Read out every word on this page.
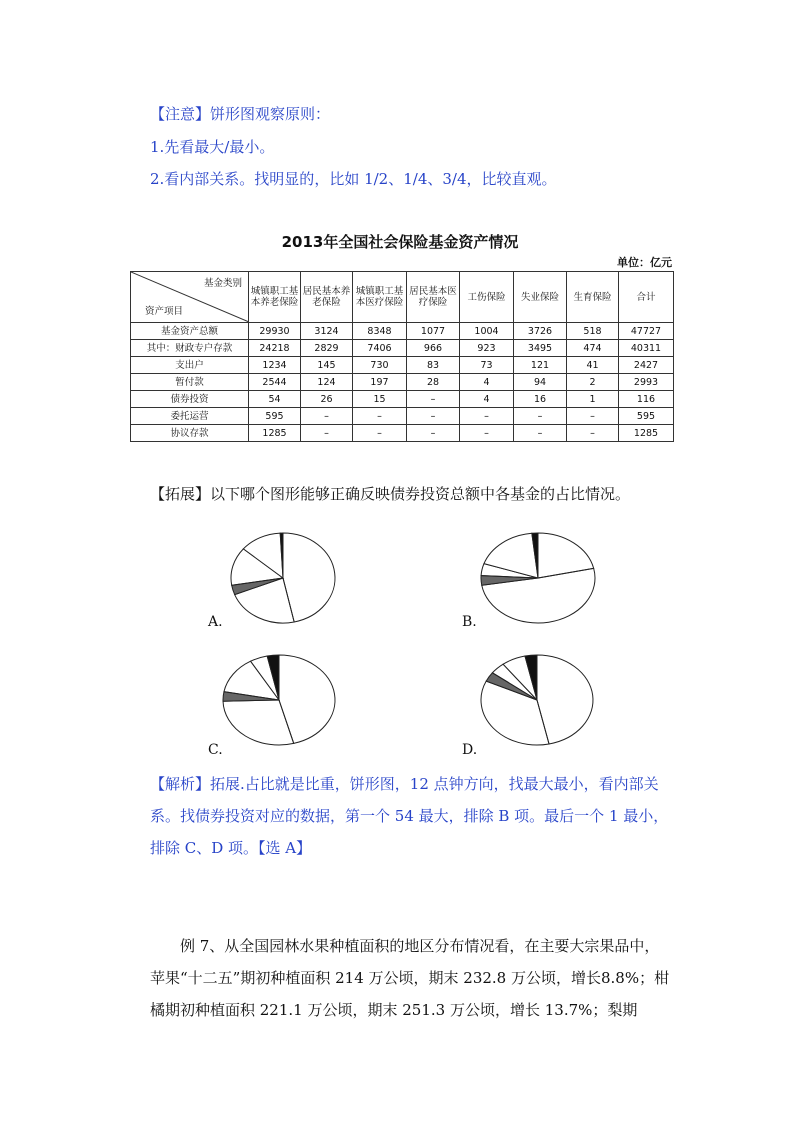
【注意】饼形图观察原则：
1.先看最大/最小。
2.看内部关系。找明显的，比如 1/2、1/4、3/4，比较直观。
2013年全国社会保险基金资产情况
单位：亿元
基金类别
资产项目	城镇职工基本养老保险	居民基本养老保险	城镇职工基本医疗保险	居民基本医疗保险	工伤保险	失业保险	生育保险	合计
基金资产总额	29930	3124	8348	1077	1004	3726	518	47727
其中：财政专户存款	24218	2829	7406	966	923	3495	474	40311
支出户	1234	145	730	83	73	121	41	2427
暂付款	2544	124	197	28	4	94	2	2993
债券投资	54	26	15	–	4	16	1	116
委托运营	595	–	–	–	–	–	–	595
协议存款	1285	–	–	–	–	–	–	1285
【拓展】以下哪个图形能够正确反映债券投资总额中各基金的占比情况。
A.	B.
C.	D.
【解析】拓展.占比就是比重，饼形图，12 点钟方向，找最大最小，看内部关系。找债券投资对应的数据，第一个 54 最大，排除 B 项。最后一个 1 最小，排除 C、D 项。【选 A】
例 7、从全国园林水果种植面积的地区分布情况看，在主要大宗果品中，苹果“十二五”期初种植面积 214 万公顷，期末 232.8 万公顷，增长8.8%；柑橘期初种植面积 221.1 万公顷，期末 251.3 万公顷，增长 13.7%；梨期
